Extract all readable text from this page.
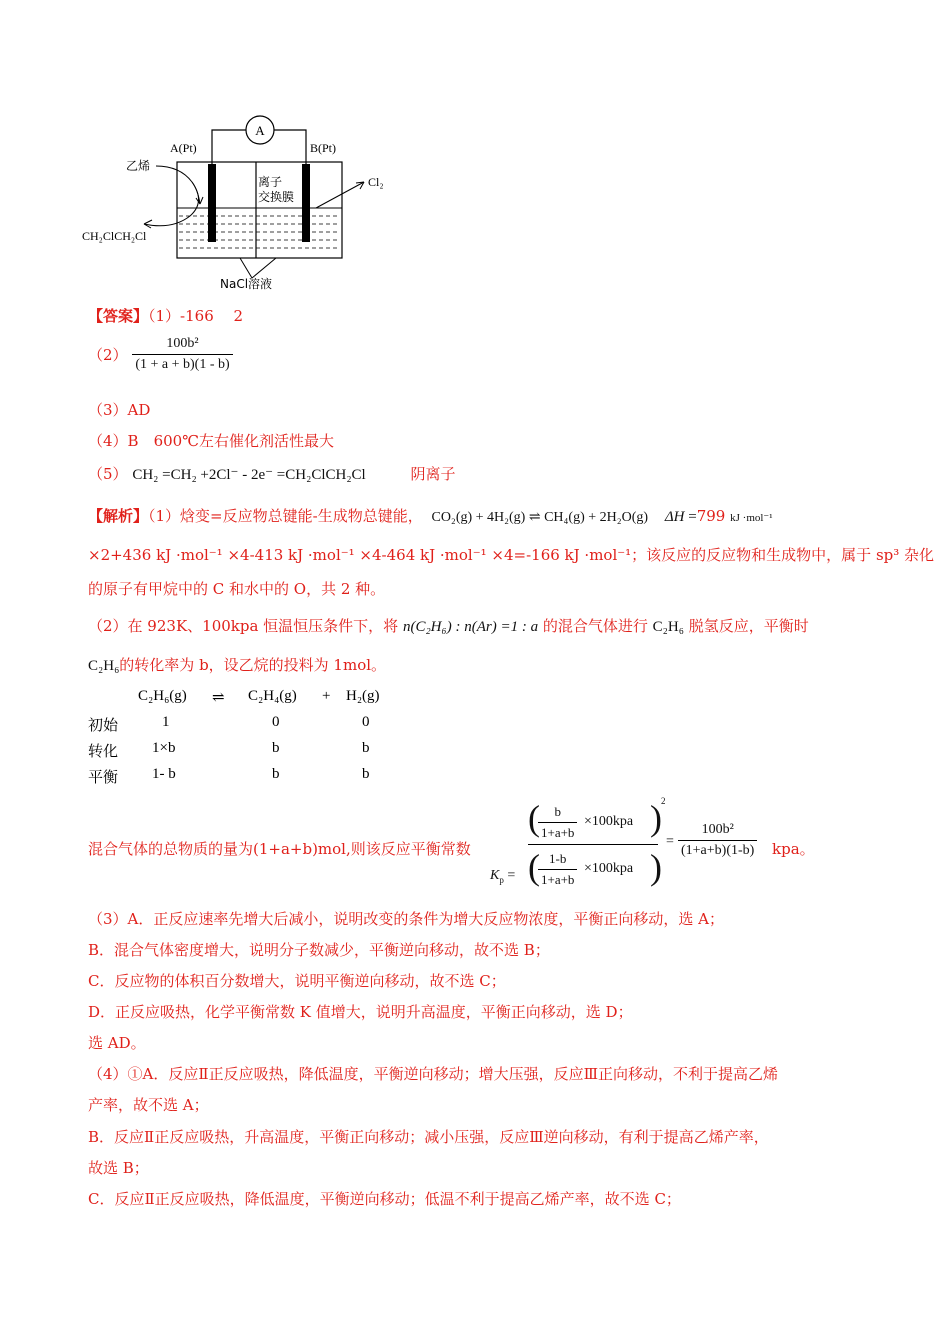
A
A(Pt)	B(Pt)
离子
交换膜
乙烯
CH₂ClCH₂Cl
Cl₂
NaCl溶液
【答案】（1）-166　 2
$(2) \frac{\text{100b²}}{(1 + a + b)(1 - b)}$
（3）AD
（4）B　600℃左右催化剂活性最大
（5） CH₂ =CH₂ +2Cl⁻ - 2e⁻ =CH₂ClCH₂Cl	阴离子
【解析】（1）焓变=反应物总键能-生成物总键能， CO₂(g) + 4H₂(g) ⇌ CH₄(g) + 2H₂O(g) ΔH =799 kJ ·mol⁻¹
×2+436 kJ ·mol⁻¹ ×4-413 kJ ·mol⁻¹ ×4-464 kJ ·mol⁻¹ ×4=-166 kJ ·mol⁻¹；该反应的反应物和生成物中，属于 sp³ 杂化
的原子有甲烷中的 C 和水中的 O，共 2 种。
（2）在 923K、100kpa 恒温恒压条件下，将 n(C₂H₆) : n(Ar) =1 : a 的混合气体进行 C₂H₆ 脱氢反应，平衡时
C₂H₆的转化率为 b，设乙烷的投料为 1mol。
C₂H₆(g) ⇌ C₂H₄(g) + H₂(g)
初始	1	0	0
转化 1×b	b	b
平衡 1- b	b	b
混合气体的总物质的量为(1+a+b)mol,则该反应平衡常数
$K_p$ =
(
$\frac{b}{1+a+b} \times 100kpa$ ) 2
(
$\frac{1-b}{1+a+b} \times 100kpa$ )
= $\frac{\text{100b²}}{(1+a+b)(1-b)}$ kpa。
（3）A．正反应速率先增大后减小，说明改变的条件为增大反应物浓度，平衡正向移动，选 A；
B．混合气体密度增大，说明分子数减少，平衡逆向移动，故不选 B；
C．反应物的体积百分数增大，说明平衡逆向移动，故不选 C；
D．正反应吸热，化学平衡常数 K 值增大，说明升高温度，平衡正向移动，选 D；
选 AD。
（4）①A．反应Ⅱ正反应吸热，降低温度，平衡逆向移动；增大压强，反应Ⅲ正向移动，不利于提高乙烯
产率，故不选 A；
B．反应Ⅱ正反应吸热，升高温度，平衡正向移动；减小压强，反应Ⅲ逆向移动，有利于提高乙烯产率，
故选 B；
C．反应Ⅱ正反应吸热，降低温度，平衡逆向移动；低温不利于提高乙烯产率，故不选 C；
